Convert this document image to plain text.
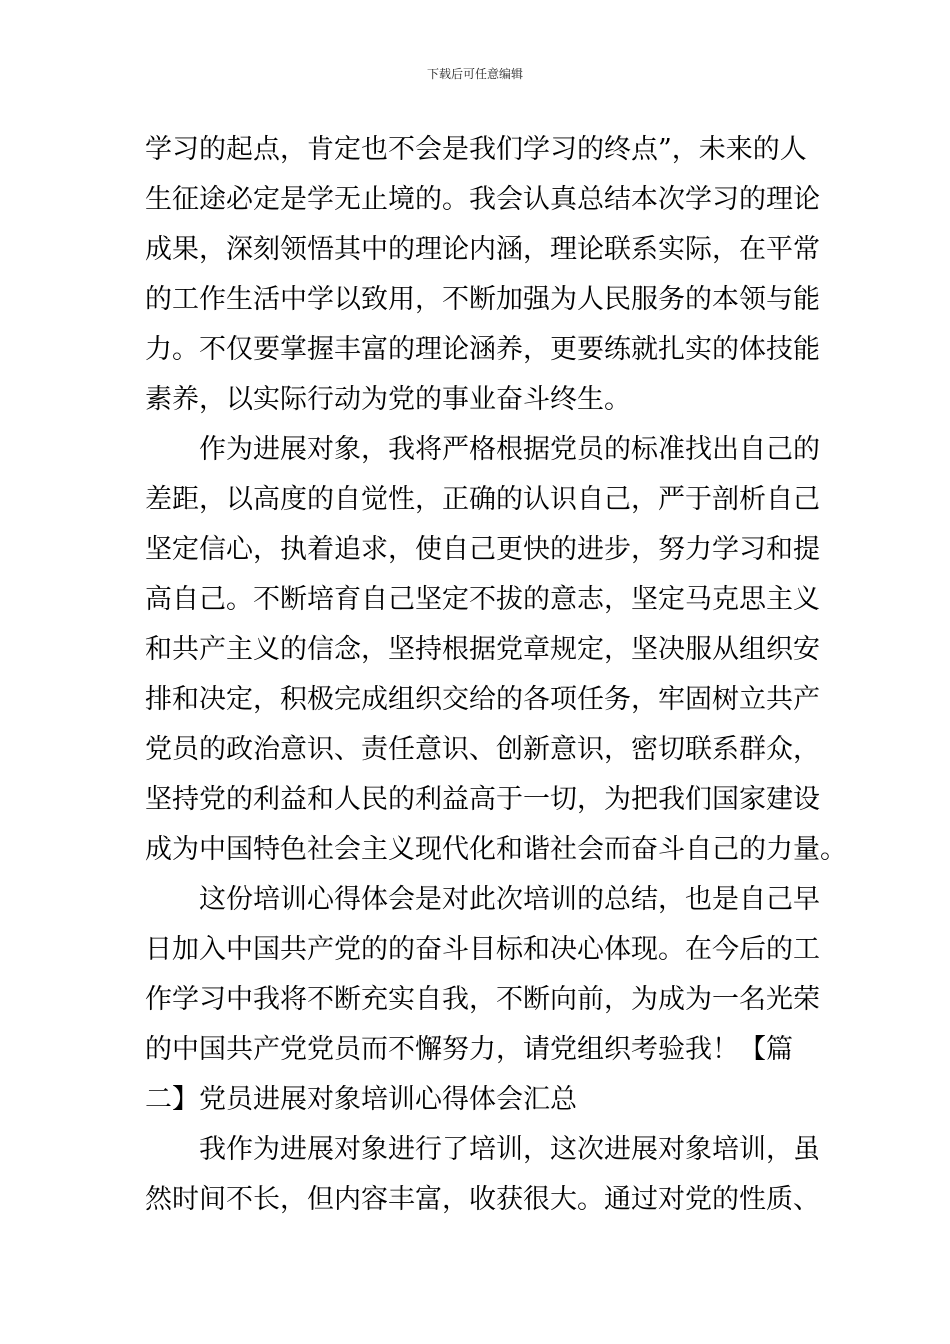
下载后可任意编辑
学习的起点，肯定也不会是我们学习的终点”，未来的人
生征途必定是学无止境的。我会认真总结本次学习的理论
成果，深刻领悟其中的理论内涵，理论联系实际，在平常
的工作生活中学以致用，不断加强为人民服务的本领与能
力。不仅要掌握丰富的理论涵养，更要练就扎实的体技能
素养，以实际行动为党的事业奋斗终生。
作为进展对象，我将严格根据党员的标准找出自己的
差距，以高度的自觉性，正确的认识自己，严于剖析自己
坚定信心，执着追求，使自己更快的进步，努力学习和提
高自己。不断培育自己坚定不拔的意志，坚定马克思主义
和共产主义的信念，坚持根据党章规定，坚决服从组织安
排和决定，积极完成组织交给的各项任务，牢固树立共产
党员的政治意识、责任意识、创新意识，密切联系群众，
坚持党的利益和人民的利益高于一切，为把我们国家建设
成为中国特色社会主义现代化和谐社会而奋斗自己的力量。
这份培训心得体会是对此次培训的总结，也是自己早
日加入中国共产党的的奋斗目标和决心体现。在今后的工
作学习中我将不断充实自我，不断向前，为成为一名光荣
的中国共产党党员而不懈努力，请党组织考验我！【篇
二】党员进展对象培训心得体会汇总
我作为进展对象进行了培训，这次进展对象培训，虽
然时间不长，但内容丰富，收获很大。通过对党的性质、
